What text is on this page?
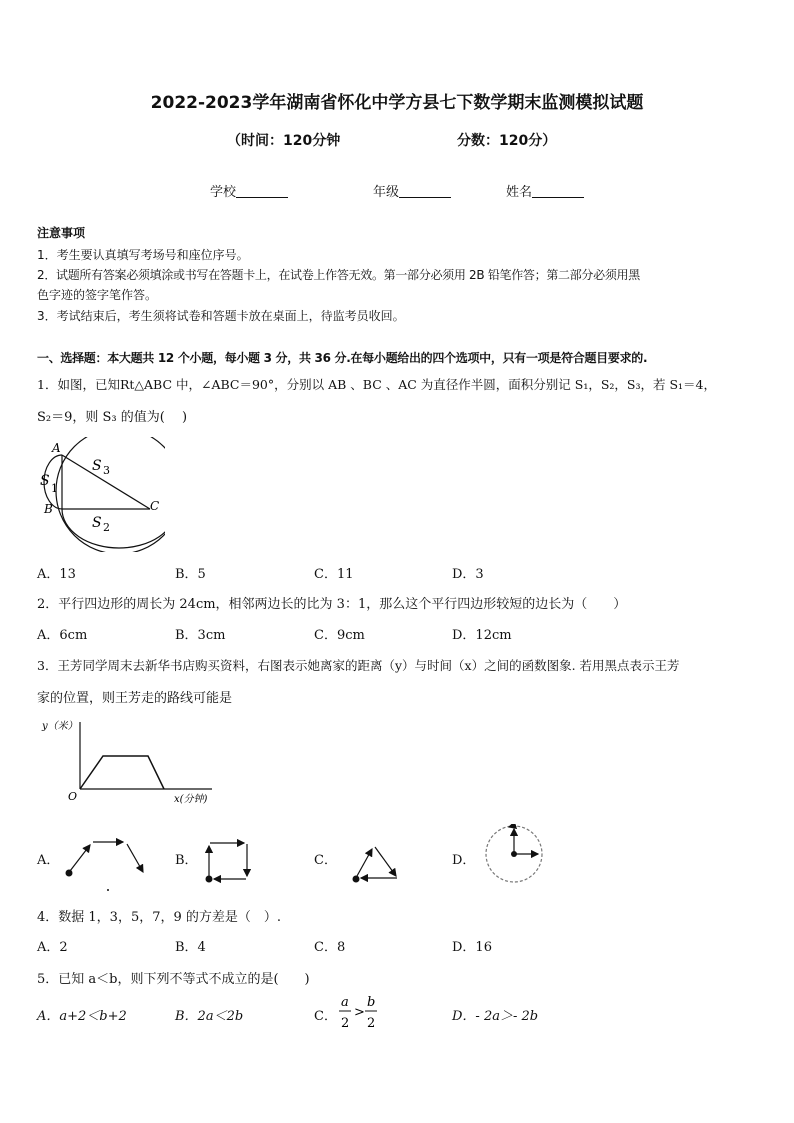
2022-2023学年湖南省怀化中学方县七下数学期末监测模拟试题
（时间：120分钟	分数：120分）
学校	年级	姓名
注意事项
1．考生要认真填写考场号和座位序号。
2．试题所有答案必须填涂或书写在答题卡上，在试卷上作答无效。第一部分必须用 2B 铅笔作答；第二部分必须用黑
色字迹的签字笔作答。
3．考试结束后，考生须将试卷和答题卡放在桌面上，待监考员收回。
一、选择题：本大题共 12 个小题，每小题 3 分，共 36 分.在每小题给出的四个选项中，只有一项是符合题目要求的.
1．如图，已知Rt△ABC 中，∠ABC＝90°，分别以 AB 、BC 、AC 为直径作半圆，面积分别记 S₁，S₂，S₃，若 S₁＝4，
S₂＝9，则 S₃ 的值为(　 )
A
B	C
S 1
S 2
S 3
A．13	B．5	C．11	D．3
2．平行四边形的周长为 24cm，相邻两边长的比为 3：1，那么这个平行四边形较短的边长为（　　）
A．6cm	B．3cm	C．9cm	D．12cm
3．王芳同学周末去新华书店购买资料，右图表示她离家的距离（y）与时间（x）之间的函数图象. 若用黑点表示王芳
家的位置，则王芳走的路线可能是
y（米）
x(分钟)
O
A．	B．	C．	D．
4．数据 1，3，5，7，9 的方差是（　）.
A．2	B．4	C．8	D．16
5．已知 a＜b，则下列不等式不成立的是(　　)
A．a+2＜b+2	B．2a＜2b	C．
a
2
>
b
2	D．- 2a＞- 2b
